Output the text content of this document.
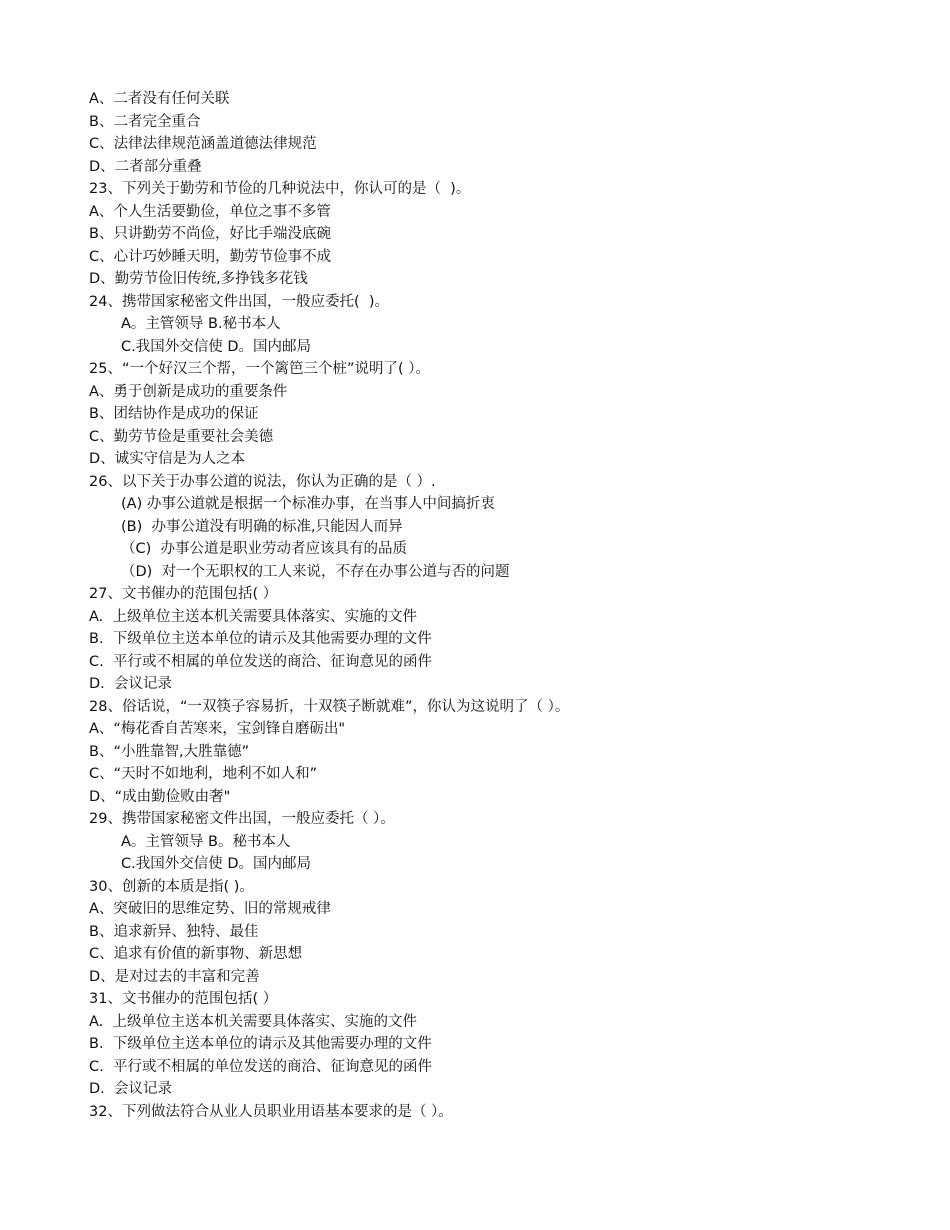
A、二者没有任何关联
B、二者完全重合
C、法律法律规范涵盖道德法律规范
D、二者部分重叠
23、下列关于勤劳和节俭的几种说法中，你认可的是（  )。
A、个人生活要勤俭，单位之事不多管
B、只讲勤劳不尚俭，好比手端没底碗
C、心计巧妙睡天明，勤劳节俭事不成
D、勤劳节俭旧传统,多挣钱多花钱
24、携带国家秘密文件出国，一般应委托(  )。
A。主管领导 B.秘书本人
C.我国外交信使 D。国内邮局
25、“一个好汉三个帮，一个篱笆三个桩”说明了( ）。
A、勇于创新是成功的重要条件
B、团结协作是成功的保证
C、勤劳节俭是重要社会美德
D、诚实守信是为人之本
26、以下关于办事公道的说法，你认为正确的是（ ）.
(A) 办事公道就是根据一个标准办事，在当事人中间搞折衷
(B)  办事公道没有明确的标准,只能因人而异
（C)  办事公道是职业劳动者应该具有的品质
（D)  对一个无职权的工人来说，不存在办事公道与否的问题
27、文书催办的范围包括( ）
A.  上级单位主送本机关需要具体落实、实施的文件
B.  下级单位主送本单位的请示及其他需要办理的文件
C.  平行或不相属的单位发送的商洽、征询意见的函件
D.  会议记录
28、俗话说，“一双筷子容易折，十双筷子断就难”，你认为这说明了（ ）。
A、“梅花香自苦寒来，宝剑锋自磨砺出"
B、“小胜靠智,大胜靠德”
C、“天时不如地利，地利不如人和”
D、“成由勤俭败由奢"
29、携带国家秘密文件出国，一般应委托（ ）。
A。主管领导 B。秘书本人
C.我国外交信使 D。国内邮局
30、创新的本质是指( )。
A、突破旧的思维定势、旧的常规戒律
B、追求新异、独特、最佳
C、追求有价值的新事物、新思想
D、是对过去的丰富和完善
31、文书催办的范围包括( ）
A.  上级单位主送本机关需要具体落实、实施的文件
B.  下级单位主送本单位的请示及其他需要办理的文件
C.  平行或不相属的单位发送的商洽、征询意见的函件
D.  会议记录
32、下列做法符合从业人员职业用语基本要求的是（ ）。
